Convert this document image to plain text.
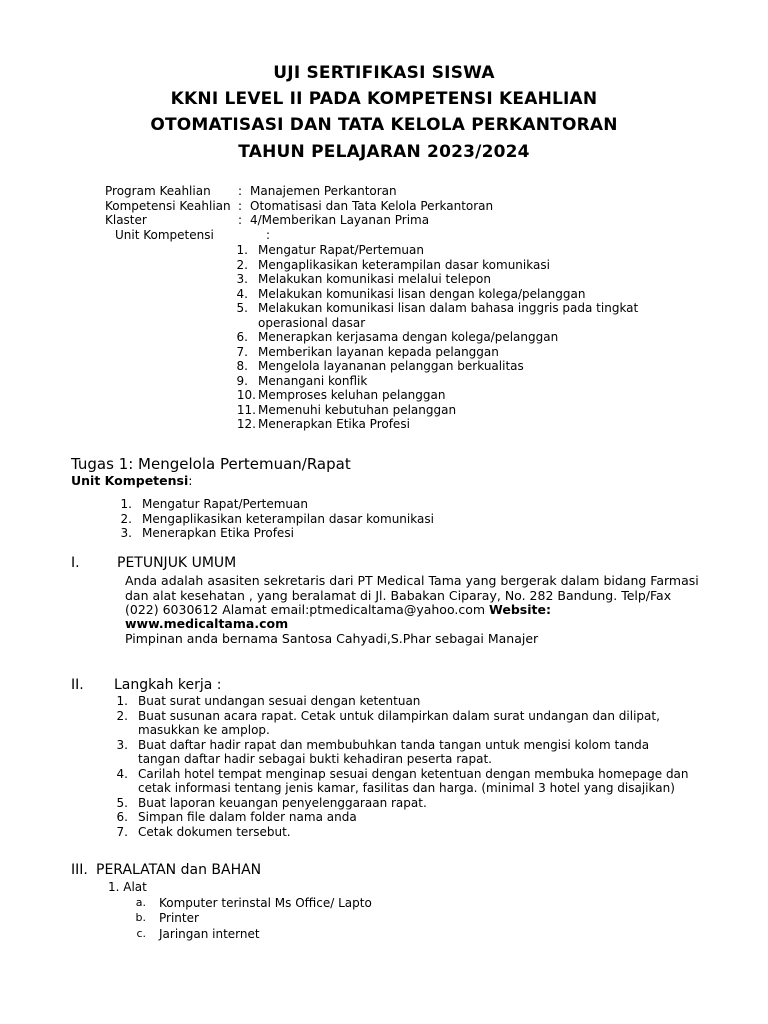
UJI SERTIFIKASI SISWA
KKNI LEVEL II PADA KOMPETENSI KEAHLIAN
OTOMATISASI DAN TATA KELOLA PERKANTORAN
TAHUN PELAJARAN 2023/2024
Program Keahlian : Manajemen Perkantoran
Kompetensi Keahlian : Otomatisasi dan Tata Kelola Perkantoran
Klaster	: 4/Memberikan Layanan Prima
Unit Kompetensi	:
1. Mengatur Rapat/Pertemuan
2. Mengaplikasikan keterampilan dasar komunikasi
3. Melakukan komunikasi melalui telepon
4. Melakukan komunikasi lisan dengan kolega/pelanggan
5. Melakukan komunikasi lisan dalam bahasa inggris pada tingkat
operasional dasar
6. Menerapkan kerjasama dengan kolega/pelanggan
7. Memberikan layanan kepada pelanggan
8. Mengelola layananan pelanggan berkualitas
9. Menangani konflik
10. Memproses keluhan pelanggan
11. Memenuhi kebutuhan pelanggan
12. Menerapkan Etika Profesi
Tugas 1: Mengelola Pertemuan/Rapat
Unit Kompetensi:
1. Mengatur Rapat/Pertemuan
2. Mengaplikasikan keterampilan dasar komunikasi
3. Menerapkan Etika Profesi
I.	PETUNJUK UMUM
Anda adalah asasiten sekretaris dari PT Medical Tama yang bergerak dalam bidang Farmasi
dan alat kesehatan , yang beralamat di Jl. Babakan Ciparay, No. 282 Bandung. Telp/Fax
(022) 6030612 Alamat email:ptmedicaltama@yahoo.com Website:
www.medicaltama.com
Pimpinan anda bernama Santosa Cahyadi,S.Phar sebagai Manajer
II. Langkah kerja :
1. Buat surat undangan sesuai dengan ketentuan
2. Buat susunan acara rapat. Cetak untuk dilampirkan dalam surat undangan dan dilipat,
masukkan ke amplop.
3. Buat daftar hadir rapat dan membubuhkan tanda tangan untuk mengisi kolom tanda
tangan daftar hadir sebagai bukti kehadiran peserta rapat.
4. Carilah hotel tempat menginap sesuai dengan ketentuan dengan membuka homepage dan
cetak informasi tentang jenis kamar, fasilitas dan harga. (minimal 3 hotel yang disajikan)
5. Buat laporan keuangan penyelenggaraan rapat.
6. Simpan file dalam folder nama anda
7. Cetak dokumen tersebut.
III. PERALATAN dan BAHAN
1. Alat
a. Komputer terinstal Ms Office/ Lapto
b. Printer
c. Jaringan internet
